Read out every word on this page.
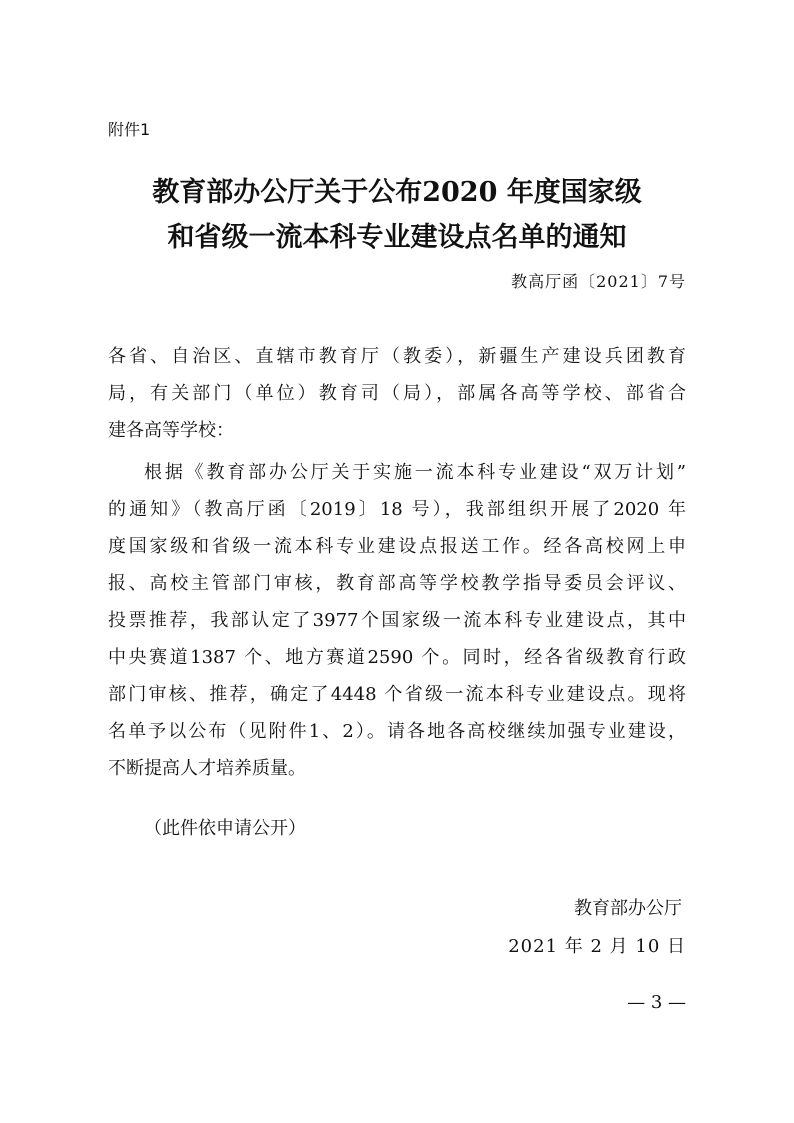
附件1
教育部办公厅关于公布2020 年度国家级
和省级一流本科专业建设点名单的通知
教高厅函〔2021〕7号
各省、自治区、直辖市教育厅（教委），新疆生产建设兵团教育
局，有关部门（单位）教育司（局），部属各高等学校、部省合
建各高等学校：
根据《教育部办公厅关于实施一流本科专业建设“双万计划”
的通知》（教高厅函〔2019〕18 号），我部组织开展了2020 年
度国家级和省级一流本科专业建设点报送工作。经各高校网上申
报、高校主管部门审核，教育部高等学校教学指导委员会评议、
投票推荐，我部认定了3977个国家级一流本科专业建设点，其中
中央赛道1387 个、地方赛道2590 个。同时，经各省级教育行政
部门审核、推荐，确定了4448 个省级一流本科专业建设点。现将
名单予以公布（见附件1、2）。请各地各高校继续加强专业建设，
不断提高人才培养质量。
（此件依申请公开）
教育部办公厅
2021 年 2 月 10 日
— 3 —
